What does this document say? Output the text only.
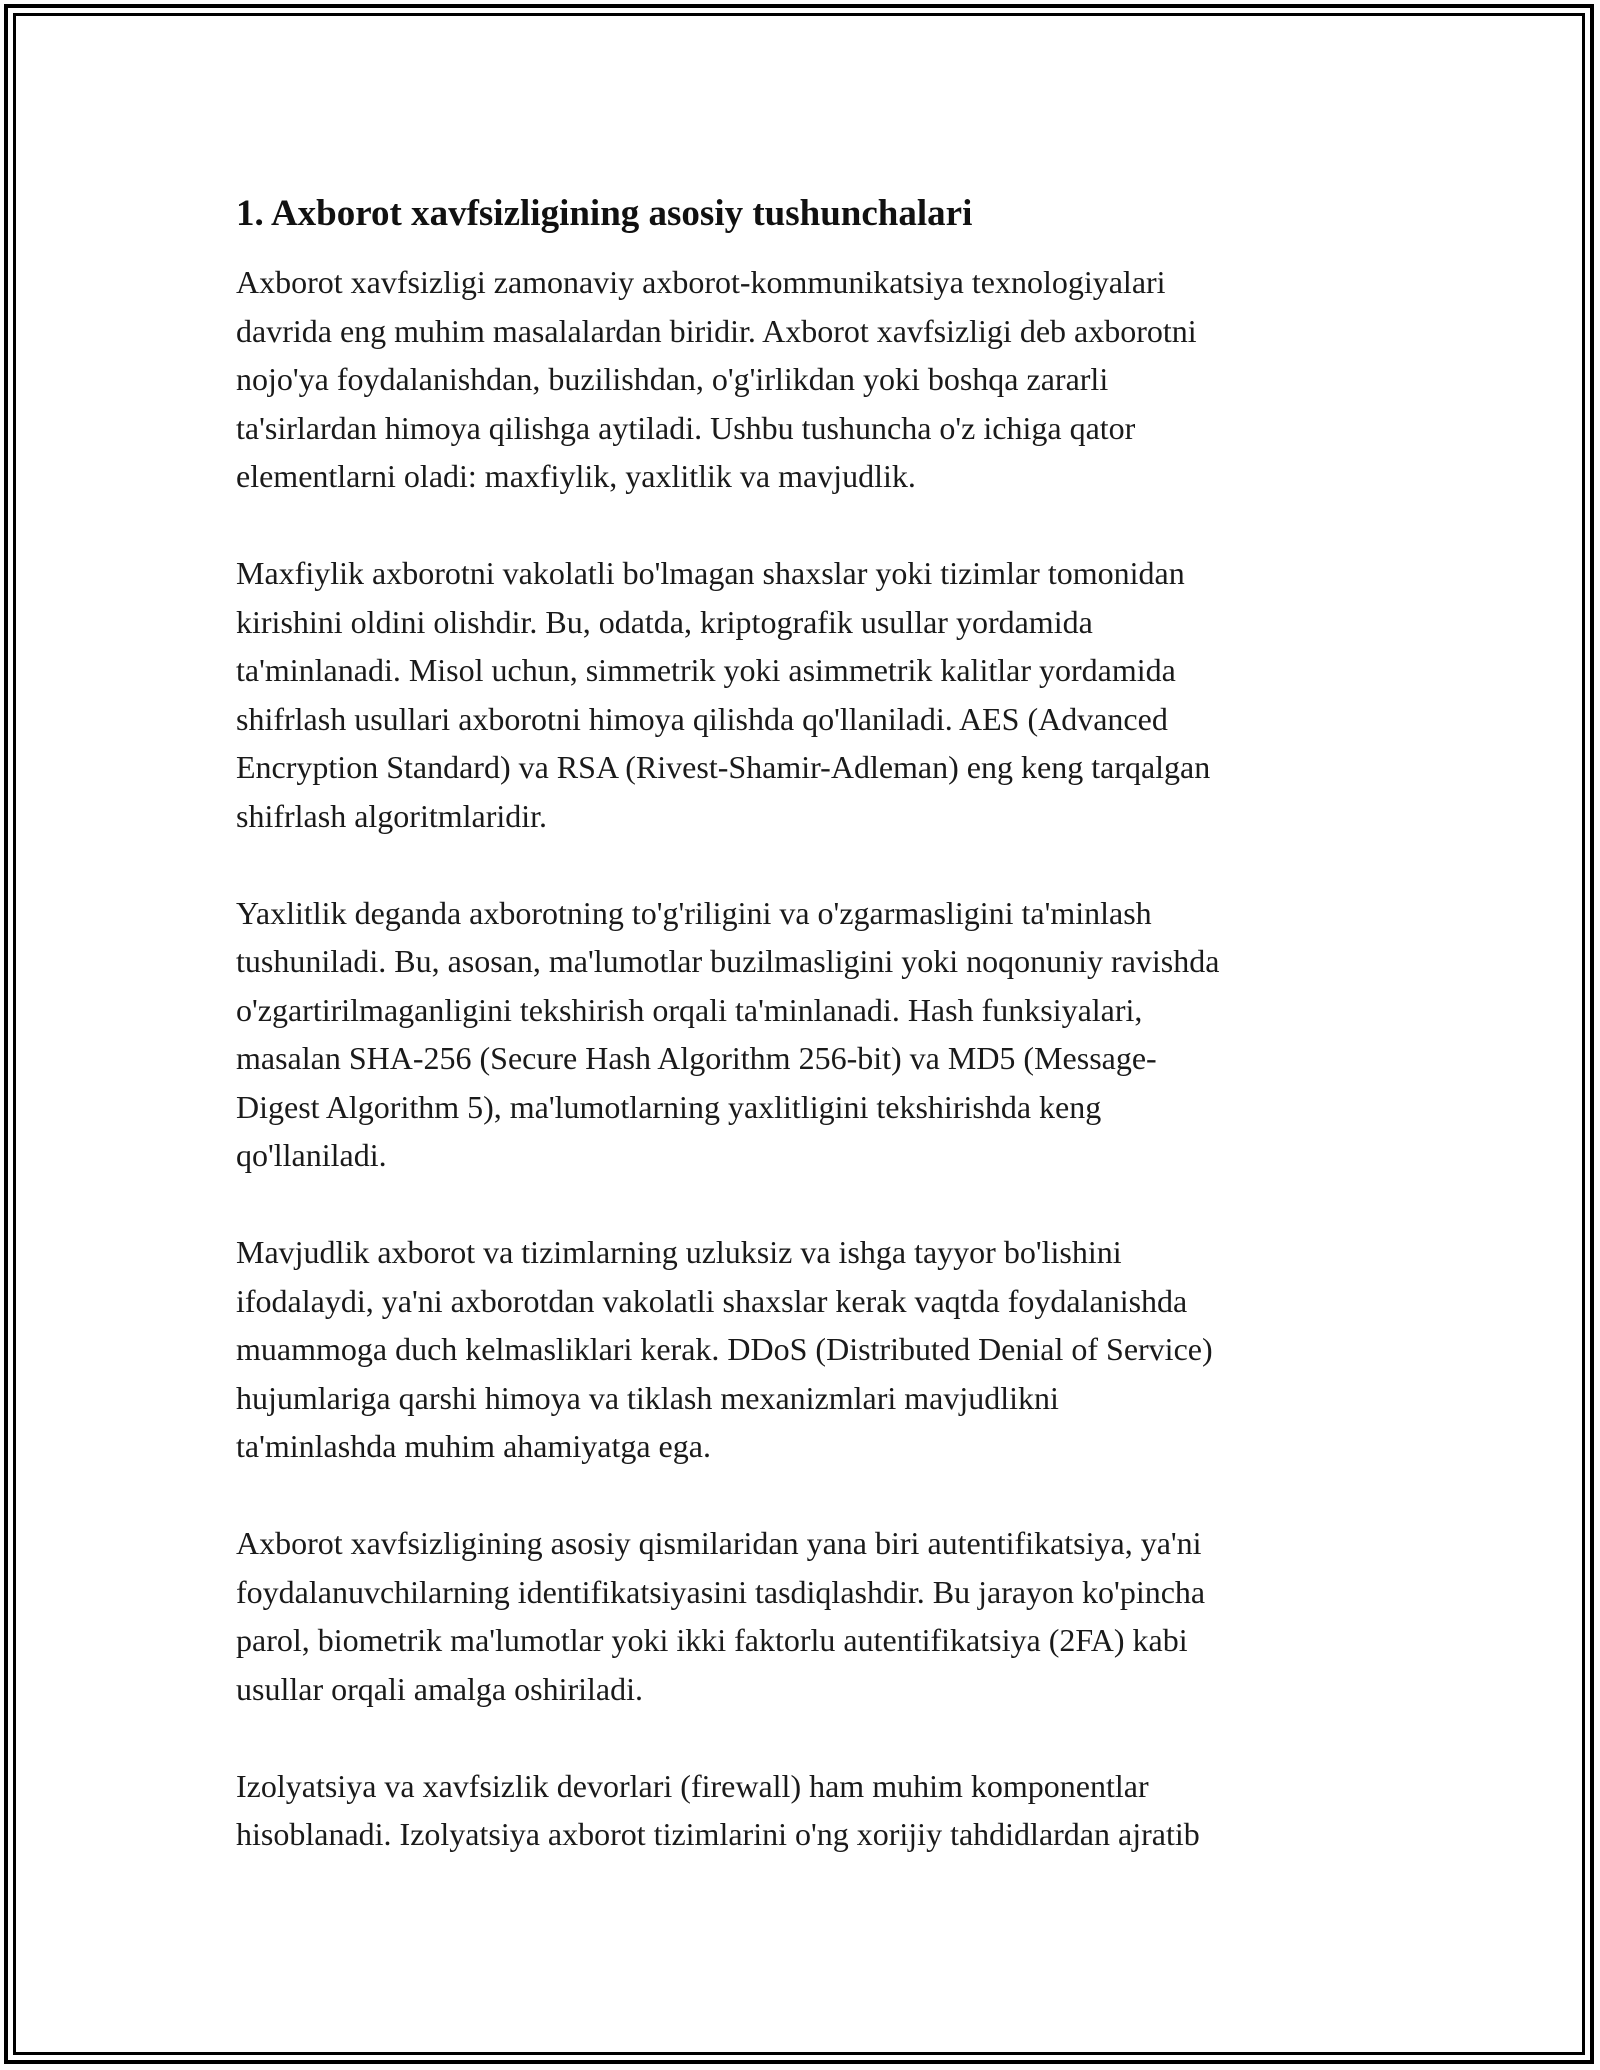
1. Axborot xavfsizligining asosiy tushunchalari

Axborot xavfsizligi zamonaviy axborot-kommunikatsiya texnologiyalari
davrida eng muhim masalalardan biridir. Axborot xavfsizligi deb axborotni
nojo'ya foydalanishdan, buzilishdan, o'g'irlikdan yoki boshqa zararli
ta'sirlardan himoya qilishga aytiladi. Ushbu tushuncha o'z ichiga qator
elementlarni oladi: maxfiylik, yaxlitlik va mavjudlik.

Maxfiylik axborotni vakolatli bo'lmagan shaxslar yoki tizimlar tomonidan
kirishini oldini olishdir. Bu, odatda, kriptografik usullar yordamida
ta'minlanadi. Misol uchun, simmetrik yoki asimmetrik kalitlar yordamida
shifrlash usullari axborotni himoya qilishda qo'llaniladi. AES (Advanced
Encryption Standard) va RSA (Rivest-Shamir-Adleman) eng keng tarqalgan
shifrlash algoritmlaridir.

Yaxlitlik deganda axborotning to'g'riligini va o'zgarmasligini ta'minlash
tushuniladi. Bu, asosan, ma'lumotlar buzilmasligini yoki noqonuniy ravishda
o'zgartirilmaganligini tekshirish orqali ta'minlanadi. Hash funksiyalari,
masalan SHA-256 (Secure Hash Algorithm 256-bit) va MD5 (Message-
Digest Algorithm 5), ma'lumotlarning yaxlitligini tekshirishda keng
qo'llaniladi.

Mavjudlik axborot va tizimlarning uzluksiz va ishga tayyor bo'lishini
ifodalaydi, ya'ni axborotdan vakolatli shaxslar kerak vaqtda foydalanishda
muammoga duch kelmasliklari kerak. DDoS (Distributed Denial of Service)
hujumlariga qarshi himoya va tiklash mexanizmlari mavjudlikni
ta'minlashda muhim ahamiyatga ega.

Axborot xavfsizligining asosiy qismilaridan yana biri autentifikatsiya, ya'ni
foydalanuvchilarning identifikatsiyasini tasdiqlashdir. Bu jarayon ko'pincha
parol, biometrik ma'lumotlar yoki ikki faktorlu autentifikatsiya (2FA) kabi
usullar orqali amalga oshiriladi.

Izolyatsiya va xavfsizlik devorlari (firewall) ham muhim komponentlar
hisoblanadi. Izolyatsiya axborot tizimlarini o'ng xorijiy tahdidlardan ajratib
